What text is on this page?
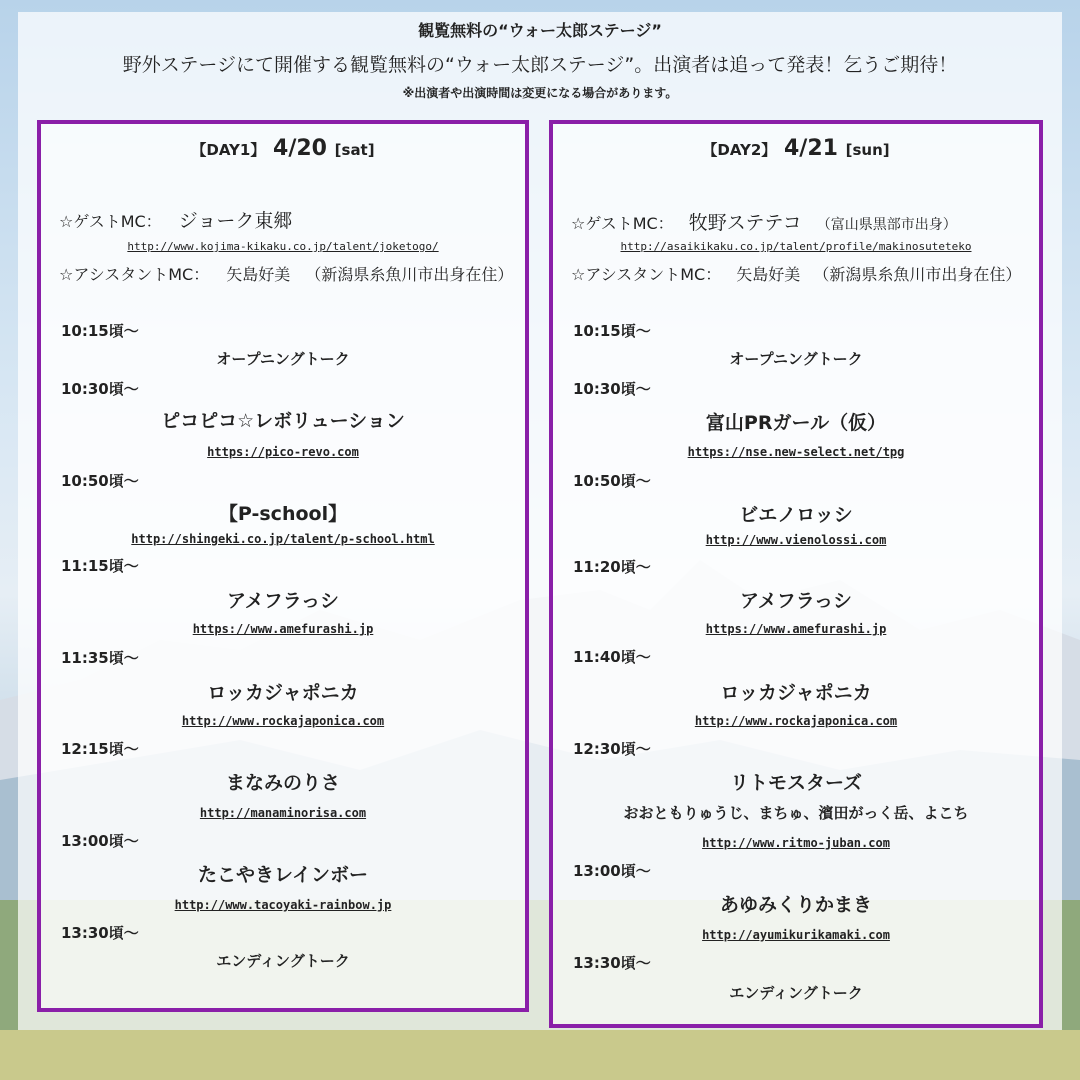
観覧無料の“ウォー太郎ステージ”
野外ステージにて開催する観覧無料の“ウォー太郎ステージ”。出演者は追って発表！乞うご期待！
※出演者や出演時間は変更になる場合があります。
【DAY1】 4/20 [sat]
☆ゲストMC： ジョーク東郷
http://www.kojima-kikaku.co.jp/talent/joketogo/
☆アシスタントMC： 矢島好美 （新潟県糸魚川市出身在住）
10:15頃〜
オープニングトーク
10:30頃〜
ピコピコ☆レボリューション
https://pico-revo.com
10:50頃〜
【P-school】
http://shingeki.co.jp/talent/p-school.html
11:15頃〜
アメフラっシ
https://www.amefurashi.jp
11:35頃〜
ロッカジャポニカ
http://www.rockajaponica.com
12:15頃〜
まなみのりさ
http://manaminorisa.com
13:00頃〜
たこやきレインボー
http://www.tacoyaki-rainbow.jp
13:30頃〜
エンディングトーク
【DAY2】 4/21 [sun]
☆ゲストMC： 牧野ステテコ （富山県黒部市出身）
http://asaikikaku.co.jp/talent/profile/makinosuteteko
☆アシスタントMC： 矢島好美 （新潟県糸魚川市出身在住）
10:15頃〜
オープニングトーク
10:30頃〜
富山PRガール（仮）
https://nse.new-select.net/tpg
10:50頃〜
ビエノロッシ
http://www.vienolossi.com
11:20頃〜
アメフラっシ
https://www.amefurashi.jp
11:40頃〜
ロッカジャポニカ
http://www.rockajaponica.com
12:30頃〜
リトモスターズ
おおともりゅうじ、まちゅ、濱田がっく岳、よこち
http://www.ritmo-juban.com
13:00頃〜
あゆみくりかまき
http://ayumikurikamaki.com
13:30頃〜
エンディングトーク
